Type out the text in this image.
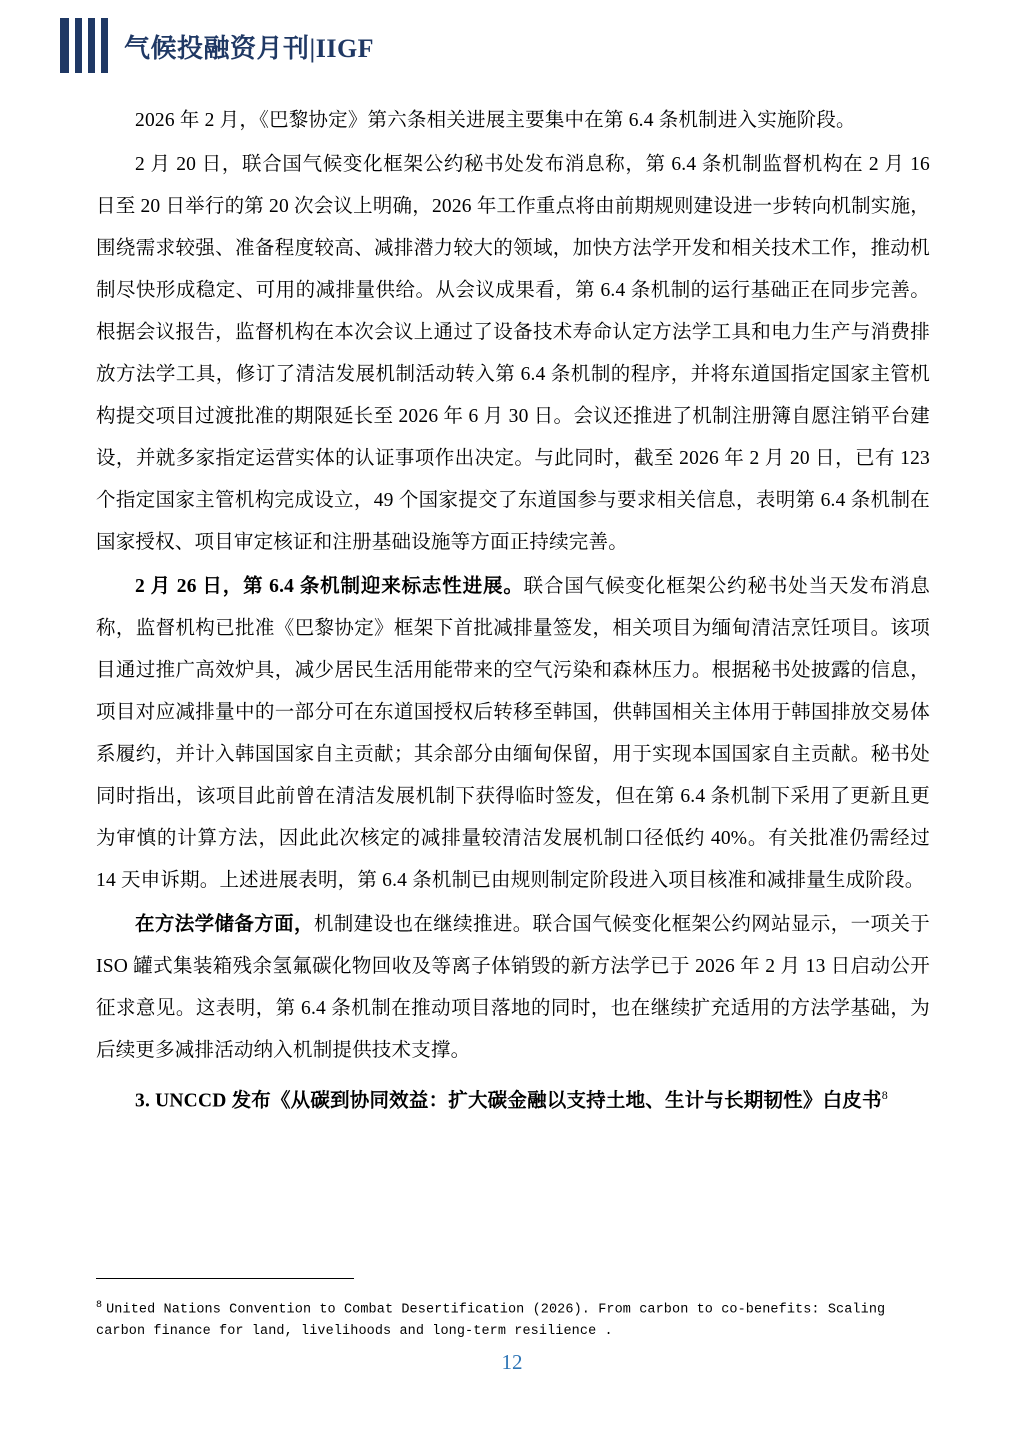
气候投融资月刊|IIGF

2026 年 2 月，《巴黎协定》第六条相关进展主要集中在第 6.4 条机制进入实施阶段。

2 月 20 日，联合国气候变化框架公约秘书处发布消息称，第 6.4 条机制监督机构在 2 月 16 日至 20 日举行的第 20 次会议上明确，2026 年工作重点将由前期规则建设进一步转向机制实施，围绕需求较强、准备程度较高、减排潜力较大的领域，加快方法学开发和相关技术工作，推动机制尽快形成稳定、可用的减排量供给。从会议成果看，第 6.4 条机制的运行基础正在同步完善。根据会议报告，监督机构在本次会议上通过了设备技术寿命认定方法学工具和电力生产与消费排放方法学工具，修订了清洁发展机制活动转入第 6.4 条机制的程序，并将东道国指定国家主管机构提交项目过渡批准的期限延长至 2026 年 6 月 30 日。会议还推进了机制注册簿自愿注销平台建设，并就多家指定运营实体的认证事项作出决定。与此同时，截至 2026 年 2 月 20 日，已有 123 个指定国家主管机构完成设立，49 个国家提交了东道国参与要求相关信息，表明第 6.4 条机制在国家授权、项目审定核证和注册基础设施等方面正持续完善。

2 月 26 日，第 6.4 条机制迎来标志性进展。联合国气候变化框架公约秘书处当天发布消息称，监督机构已批准《巴黎协定》框架下首批减排量签发，相关项目为缅甸清洁烹饪项目。该项目通过推广高效炉具，减少居民生活用能带来的空气污染和森林压力。根据秘书处披露的信息，项目对应减排量中的一部分可在东道国授权后转移至韩国，供韩国相关主体用于韩国排放交易体系履约，并计入韩国国家自主贡献；其余部分由缅甸保留，用于实现本国国家自主贡献。秘书处同时指出，该项目此前曾在清洁发展机制下获得临时签发，但在第 6.4 条机制下采用了更新且更为审慎的计算方法，因此此次核定的减排量较清洁发展机制口径低约 40%。有关批准仍需经过 14 天申诉期。上述进展表明，第 6.4 条机制已由规则制定阶段进入项目核准和减排量生成阶段。

在方法学储备方面，机制建设也在继续推进。联合国气候变化框架公约网站显示，一项关于 ISO 罐式集装箱残余氢氟碳化物回收及等离子体销毁的新方法学已于 2026 年 2 月 13 日启动公开征求意见。这表明，第 6.4 条机制在推动项目落地的同时，也在继续扩充适用的方法学基础，为后续更多减排活动纳入机制提供技术支撑。

3. UNCCD 发布《从碳到协同效益：扩大碳金融以支持土地、生计与长期韧性》白皮书$^8$

$^8$ United Nations Convention to Combat Desertification (2026). From carbon to co-benefits: Scaling carbon finance for land, livelihoods and long-term resilience .
12
